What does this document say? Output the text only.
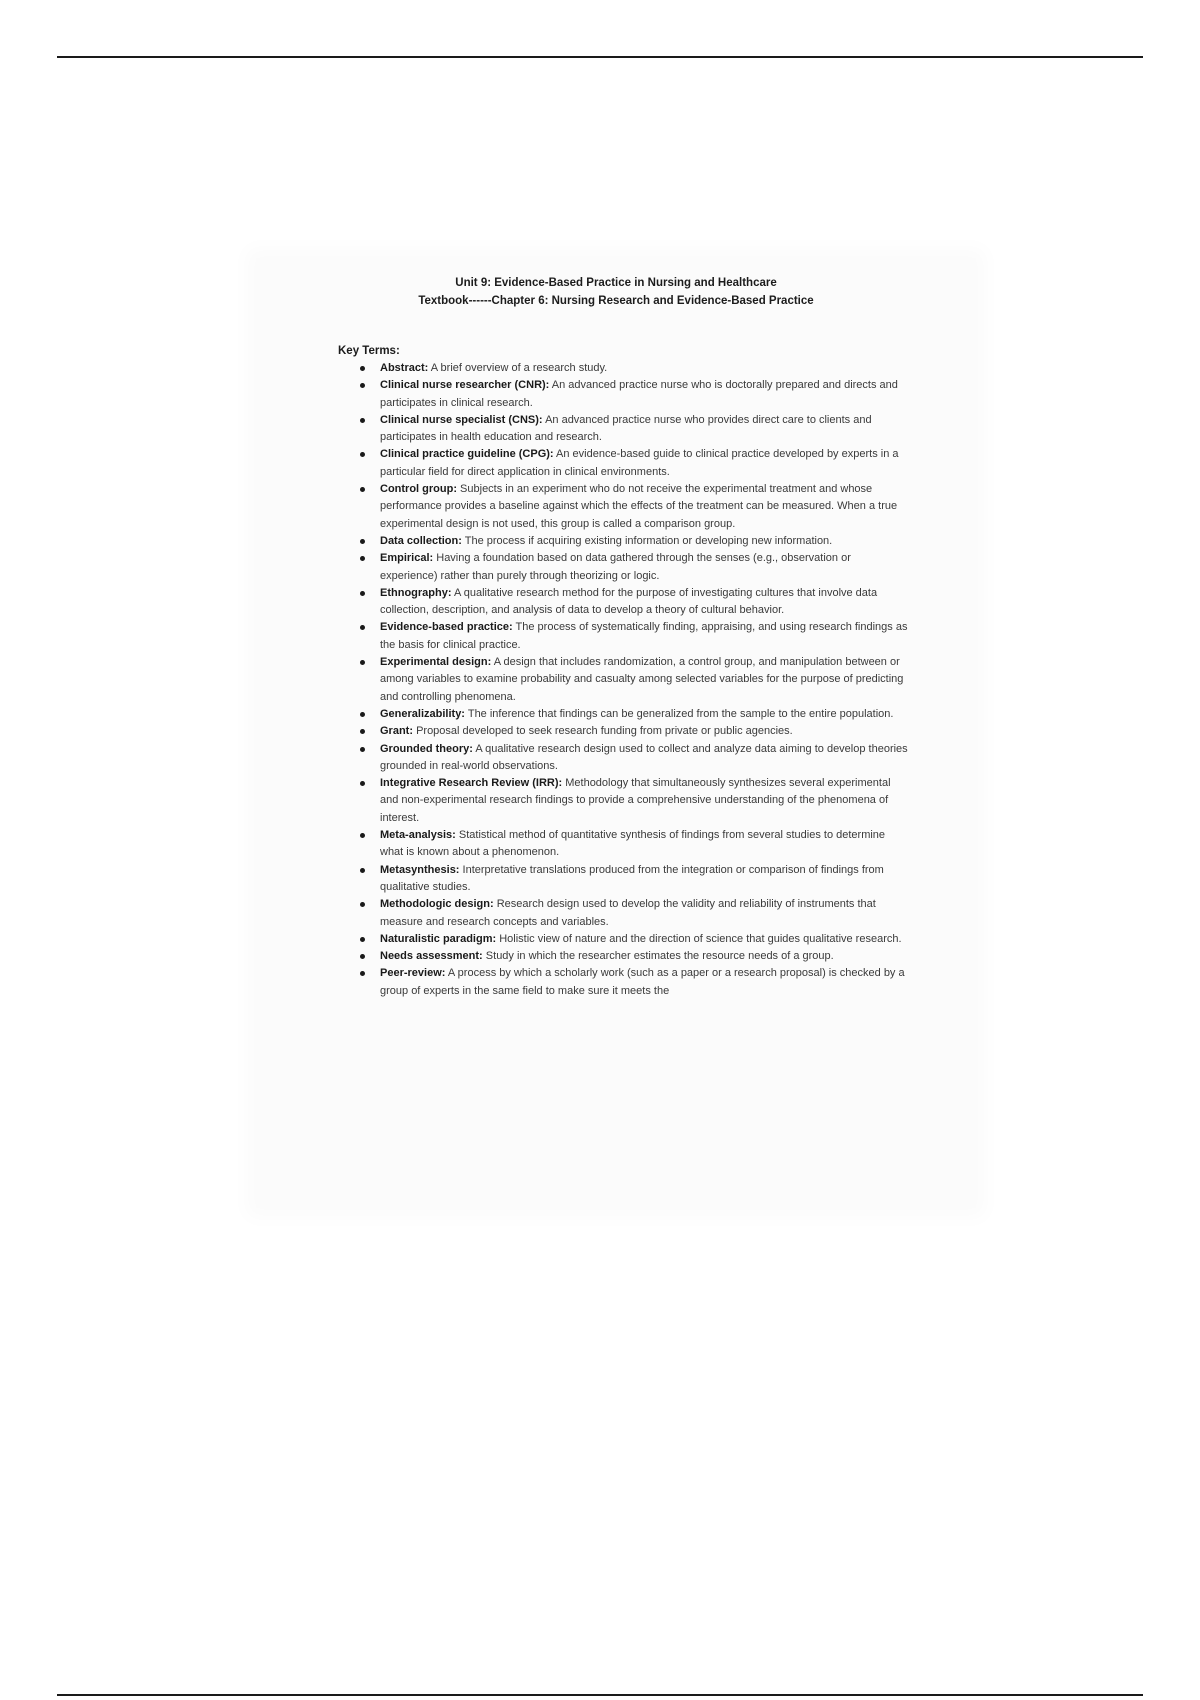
Unit 9: Evidence-Based Practice in Nursing and Healthcare
Textbook------Chapter 6: Nursing Research and Evidence-Based Practice
Key Terms:
Abstract: A brief overview of a research study.
Clinical nurse researcher (CNR): An advanced practice nurse who is doctorally prepared and directs and participates in clinical research.
Clinical nurse specialist (CNS): An advanced practice nurse who provides direct care to clients and participates in health education and research.
Clinical practice guideline (CPG): An evidence-based guide to clinical practice developed by experts in a particular field for direct application in clinical environments.
Control group: Subjects in an experiment who do not receive the experimental treatment and whose performance provides a baseline against which the effects of the treatment can be measured. When a true experimental design is not used, this group is called a comparison group.
Data collection: The process if acquiring existing information or developing new information.
Empirical: Having a foundation based on data gathered through the senses (e.g., observation or experience) rather than purely through theorizing or logic.
Ethnography: A qualitative research method for the purpose of investigating cultures that involve data collection, description, and analysis of data to develop a theory of cultural behavior.
Evidence-based practice: The process of systematically finding, appraising, and using research findings as the basis for clinical practice.
Experimental design: A design that includes randomization, a control group, and manipulation between or among variables to examine probability and casualty among selected variables for the purpose of predicting and controlling phenomena.
Generalizability: The inference that findings can be generalized from the sample to the entire population.
Grant: Proposal developed to seek research funding from private or public agencies.
Grounded theory: A qualitative research design used to collect and analyze data aiming to develop theories grounded in real-world observations.
Integrative Research Review (IRR): Methodology that simultaneously synthesizes several experimental and non-experimental research findings to provide a comprehensive understanding of the phenomena of interest.
Meta-analysis: Statistical method of quantitative synthesis of findings from several studies to determine what is known about a phenomenon.
Metasynthesis: Interpretative translations produced from the integration or comparison of findings from qualitative studies.
Methodologic design: Research design used to develop the validity and reliability of instruments that measure and research concepts and variables.
Naturalistic paradigm: Holistic view of nature and the direction of science that guides qualitative research.
Needs assessment: Study in which the researcher estimates the resource needs of a group.
Peer-review: A process by which a scholarly work (such as a paper or a research proposal) is checked by a group of experts in the same field to make sure it meets the
